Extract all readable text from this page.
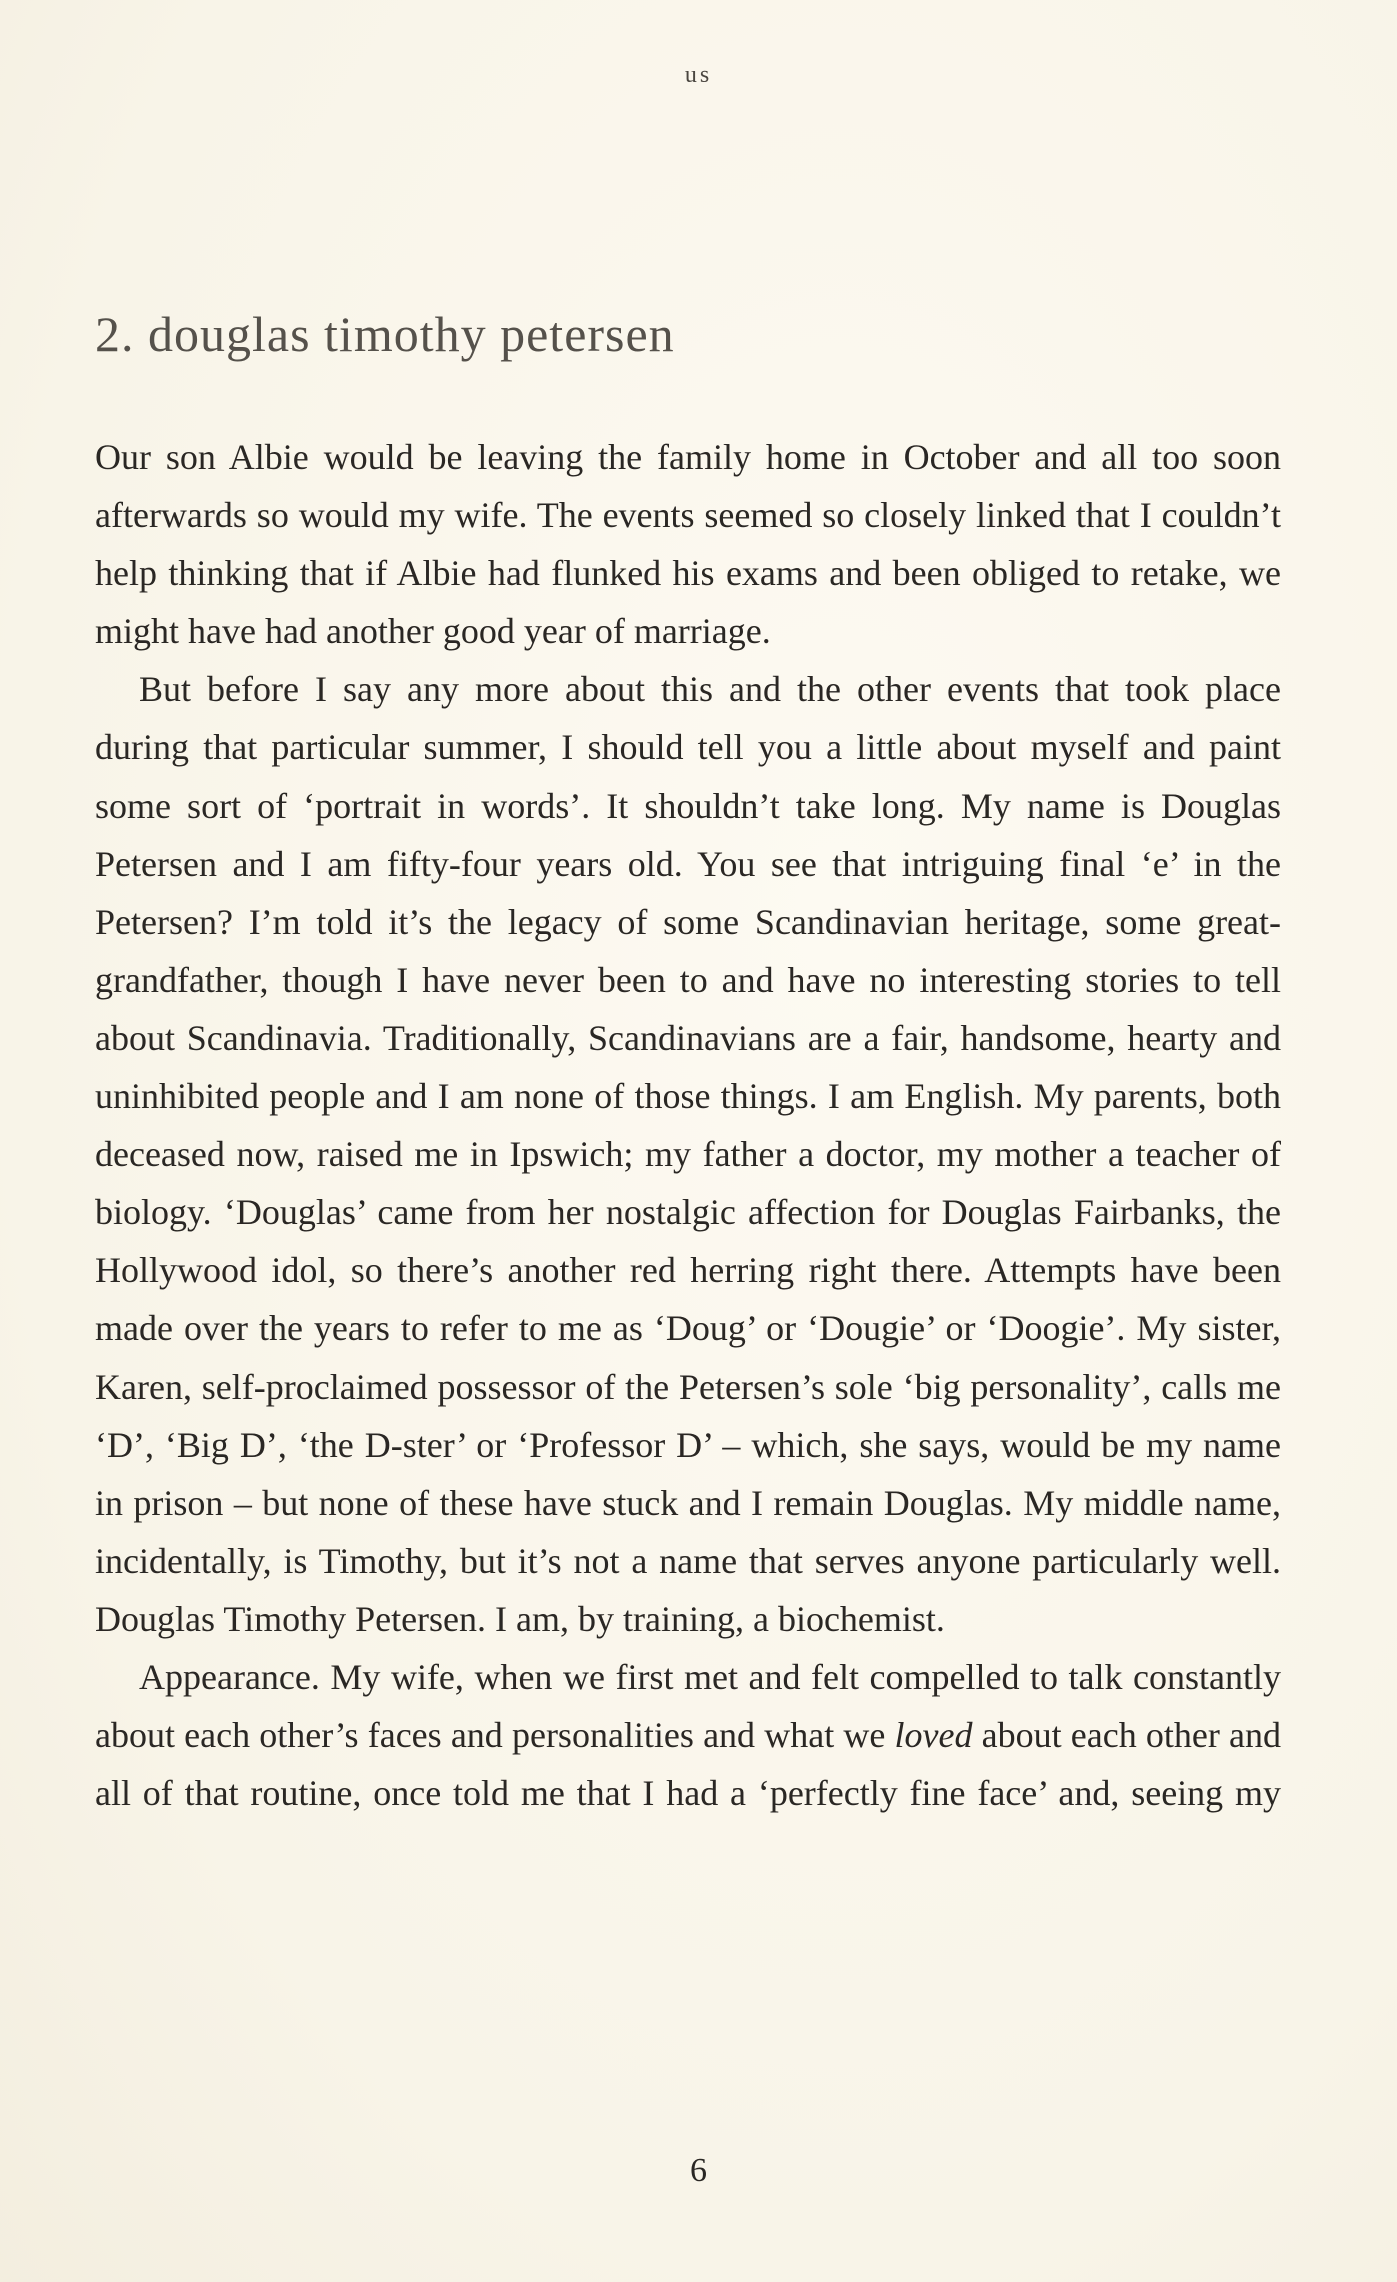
us
2. douglas timothy petersen

Our son Albie would be leaving the family home in October and all too soon afterwards so would my wife. The events seemed so closely linked that I couldn’t help thinking that if Albie had flunked his exams and been obliged to retake, we might have had another good year of marriage.

But before I say any more about this and the other events that took place during that particular summer, I should tell you a little about myself and paint some sort of ‘portrait in words’. It shouldn’t take long. My name is Douglas Petersen and I am fifty-four years old. You see that intriguing final ‘e’ in the Petersen? I’m told it’s the legacy of some Scandinavian heritage, some great-grandfather, though I have never been to and have no interesting stories to tell about Scandinavia. Traditionally, Scandinavians are a fair, handsome, hearty and uninhibited people and I am none of those things. I am English. My parents, both deceased now, raised me in Ipswich; my father a doctor, my mother a teacher of biology. ‘Douglas’ came from her nostalgic affection for Douglas Fairbanks, the Hollywood idol, so there’s another red herring right there. Attempts have been made over the years to refer to me as ‘Doug’ or ‘Dougie’ or ‘Doogie’. My sister, Karen, self-proclaimed possessor of the Petersen’s sole ‘big personality’, calls me ‘D’, ‘Big D’, ‘the D-ster’ or ‘Professor D’ – which, she says, would be my name in prison – but none of these have stuck and I remain Douglas. My middle name, incidentally, is Timothy, but it’s not a name that serves anyone particularly well. Douglas Timothy Petersen. I am, by training, a biochemist.

Appearance. My wife, when we first met and felt compelled to talk constantly about each other’s faces and personalities and what we loved about each other and all of that routine, once told me that I had a ‘perfectly fine face’ and, seeing my

6
